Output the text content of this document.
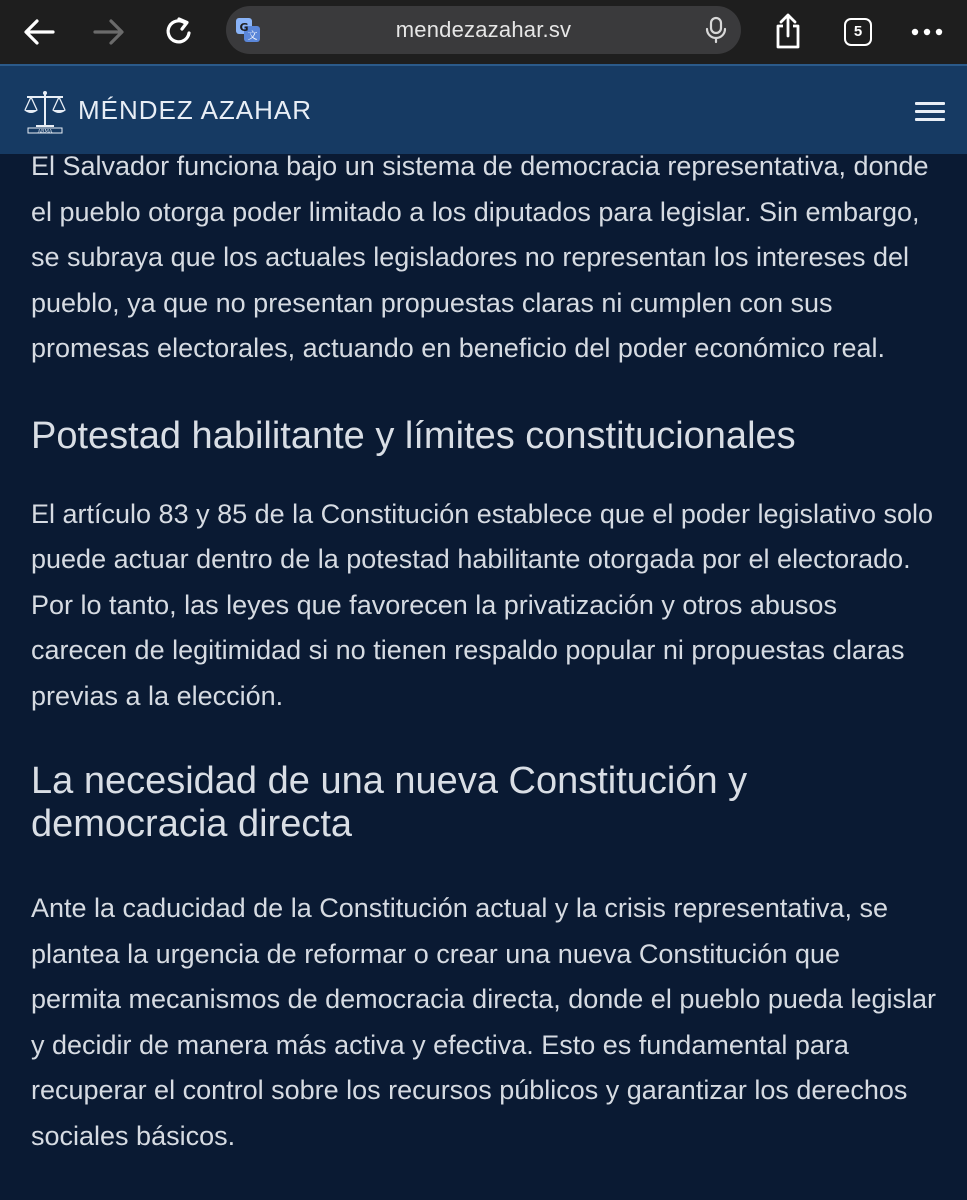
G
文	mendezazahar.sv	5
ARMA
MÉNDEZ AZAHAR

El Salvador funciona bajo un sistema de democracia representativa, donde el pueblo otorga poder limitado a los diputados para legislar. Sin embargo, se subraya que los actuales legisladores no representan los intereses del pueblo, ya que no presentan propuestas claras ni cumplen con sus promesas electorales, actuando en beneficio del poder económico real.

Potestad habilitante y límites constitucionales

El artículo 83 y 85 de la Constitución establece que el poder legislativo solo puede actuar dentro de la potestad habilitante otorgada por el electorado. Por lo tanto, las leyes que favorecen la privatización y otros abusos carecen de legitimidad si no tienen respaldo popular ni propuestas claras previas a la elección.

La necesidad de una nueva Constitución y democracia directa

Ante la caducidad de la Constitución actual y la crisis representativa, se plantea la urgencia de reformar o crear una nueva Constitución que permita mecanismos de democracia directa, donde el pueblo pueda legislar y decidir de manera más activa y efectiva. Esto es fundamental para recuperar el control sobre los recursos públicos y garantizar los derechos sociales básicos.
